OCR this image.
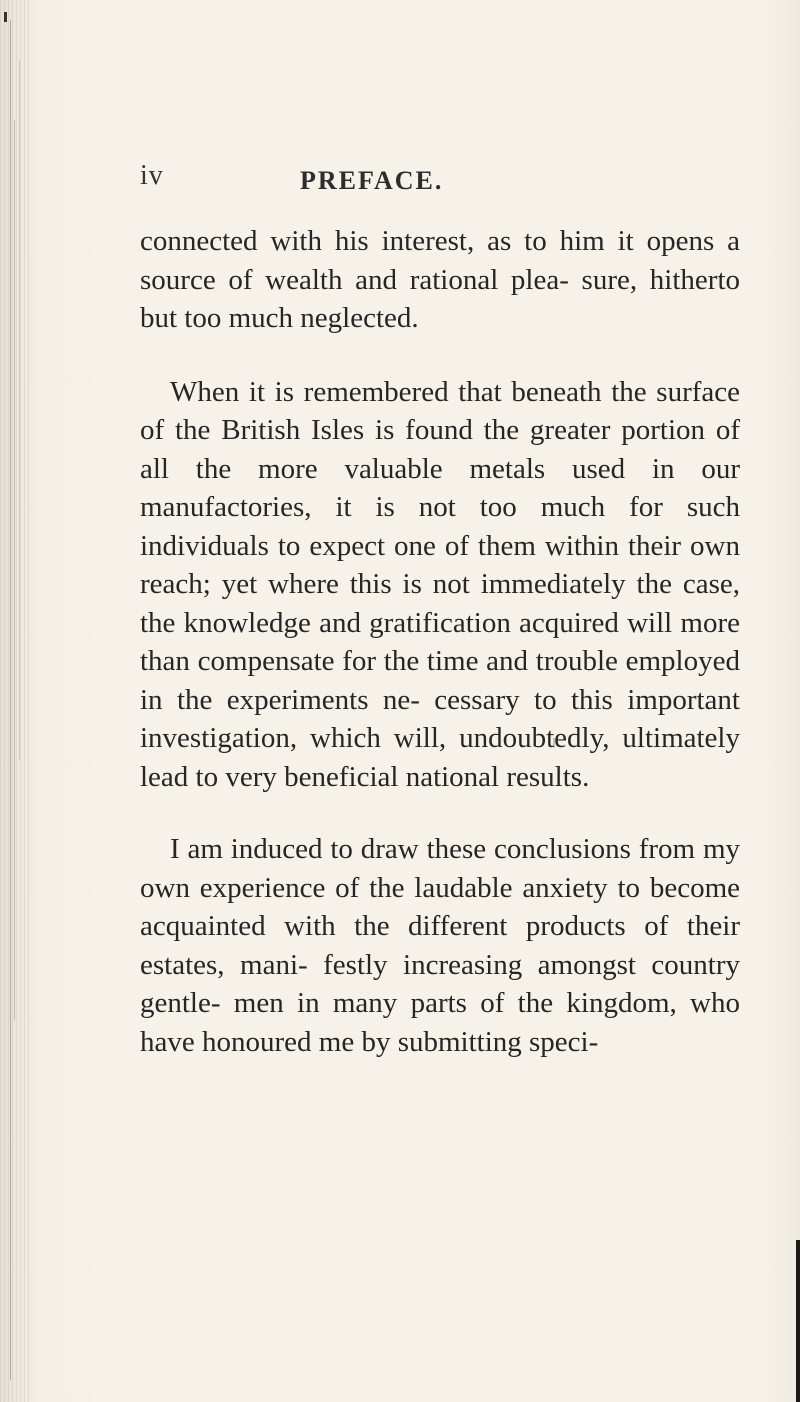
iv	PREFACE.

connected with his interest, as to him it opens a source of wealth and rational plea- sure, hitherto but too much neglected.

When it is remembered that beneath the surface of the British Isles is found the greater portion of all the more valuable metals used in our manufactories, it is not too much for such individuals to expect one of them within their own reach; yet where this is not immediately the case, the knowledge and gratification acquired will more than compensate for the time and trouble employed in the experiments ne- cessary to this important investigation, which will, undoubtedly, ultimately lead to very beneficial national results.

I am induced to draw these conclusions from my own experience of the laudable anxiety to become acquainted with the different products of their estates, mani- festly increasing amongst country gentle- men in many parts of the kingdom, who have honoured me by submitting speci-
